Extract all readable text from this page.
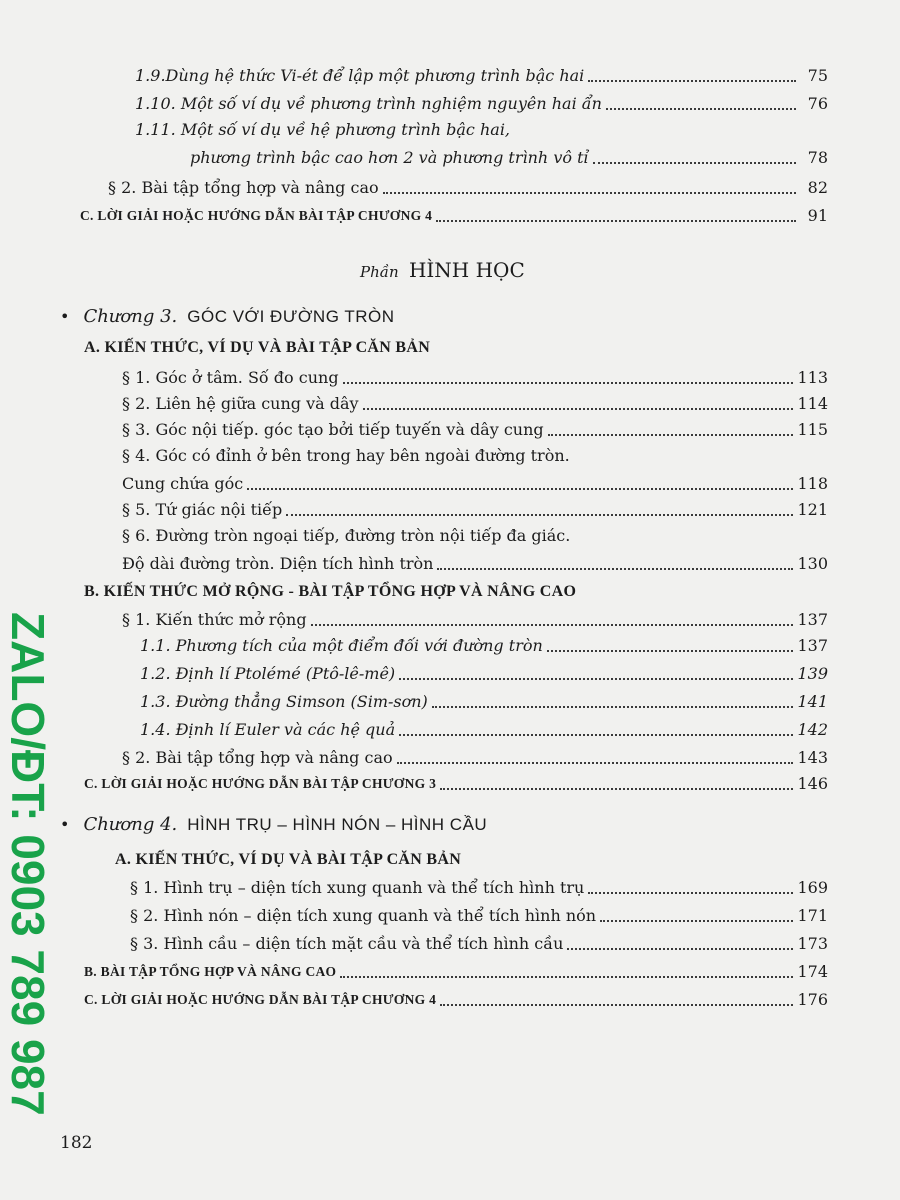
1.9.Dùng hệ thức Vi-ét để lập một phương trình bậc hai	75
1.10. Một số ví dụ về phương trình nghiệm nguyên hai ẩn	76
1.11. Một số ví dụ về hệ phương trình bậc hai,
phương trình bậc cao hơn 2 và phương trình vô tỉ	78
§ 2. Bài tập tổng hợp và nâng cao	82
C. LỜI GIẢI HOẶC HƯỚNG DẪN BÀI TẬP CHƯƠNG 4	91
Phần HÌNH HỌC
• Chương 3. GÓC VỚI ĐƯỜNG TRÒN
A. KIẾN THỨC, VÍ DỤ VÀ BÀI TẬP CĂN BẢN
§ 1. Góc ở tâm. Số đo cung	113
§ 2. Liên hệ giữa cung và dây	114
§ 3. Góc nội tiếp. góc tạo bởi tiếp tuyến và dây cung	115
§ 4. Góc có đỉnh ở bên trong hay bên ngoài đường tròn.
Cung chứa góc	118
§ 5. Tứ giác nội tiếp	121
§ 6. Đường tròn ngoại tiếp, đường tròn nội tiếp đa giác.
Độ dài đường tròn. Diện tích hình tròn	130
B. KIẾN THỨC MỞ RỘNG - BÀI TẬP TỔNG HỢP VÀ NÂNG CAO
§ 1. Kiến thức mở rộng	137
1.1. Phương tích của một điểm đối với đường tròn	137
1.2. Định lí Ptolémé (Ptô-lê-mê)	139
1.3. Đường thẳng Simson (Sim-sơn)	141
1.4. Định lí Euler và các hệ quả	142
§ 2. Bài tập tổng hợp và nâng cao	143
C. LỜI GIẢI HOẶC HƯỚNG DẪN BÀI TẬP CHƯƠNG 3	146
• Chương 4. HÌNH TRỤ – HÌNH NÓN – HÌNH CẦU
A. KIẾN THỨC, VÍ DỤ VÀ BÀI TẬP CĂN BẢN
§ 1. Hình trụ – diện tích xung quanh và thể tích hình trụ	169
§ 2. Hình nón – diện tích xung quanh và thể tích hình nón	171
§ 3. Hình cầu – diện tích mặt cầu và thể tích hình cầu	173
B. BÀI TẬP TỔNG HỢP VÀ NÂNG CAO	174
C. LỜI GIẢI HOẶC HƯỚNG DẪN BÀI TẬP CHƯƠNG 4	176
182
ZALO/ĐT: 0903 789 987
